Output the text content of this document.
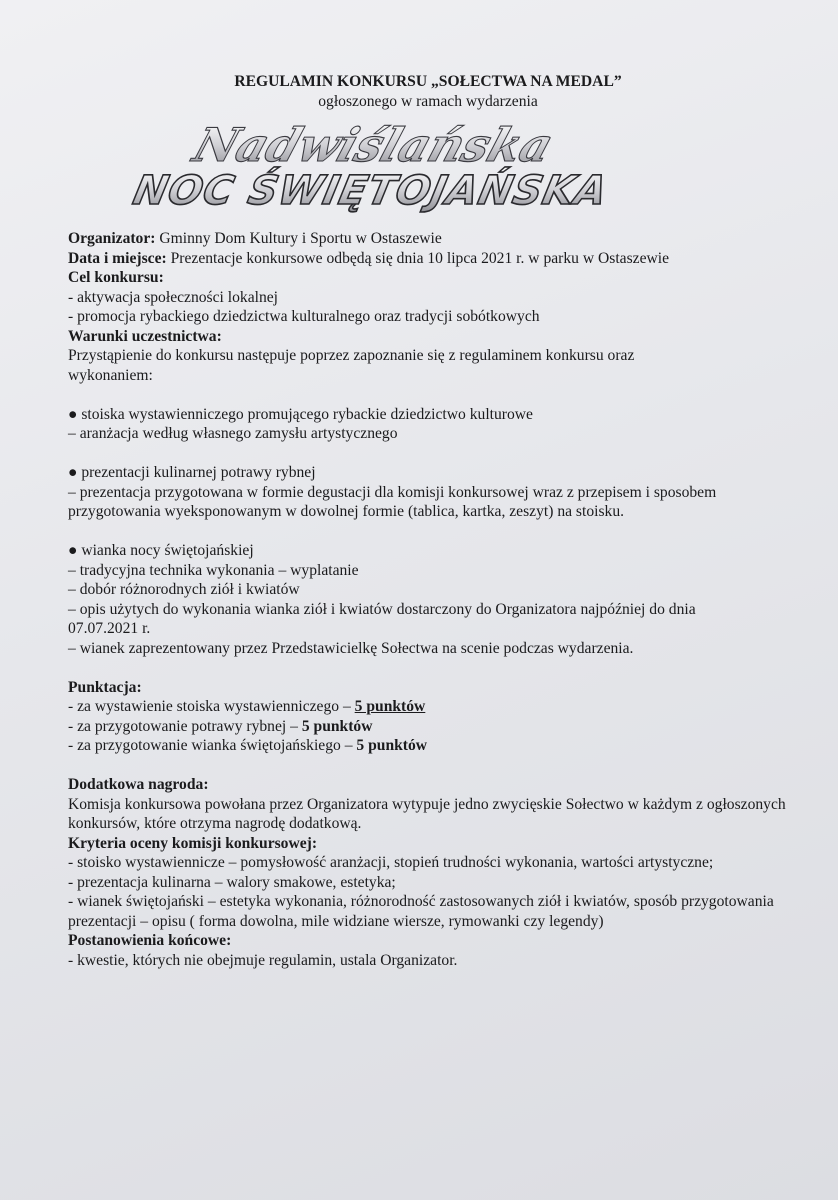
REGULAMIN KONKURSU „SOŁECTWA NA MEDAL”
ogłoszonego w ramach wydarzenia
Nadwiślańska
NOC ŚWIĘTOJAŃSKA
Organizator: Gminny Dom Kultury i Sportu w Ostaszewie
Data i miejsce: Prezentacje konkursowe odbędą się dnia 10 lipca 2021 r. w parku w Ostaszewie
Cel konkursu:
- aktywacja społeczności lokalnej
- promocja rybackiego dziedzictwa kulturalnego oraz tradycji sobótkowych
Warunki uczestnictwa:
Przystąpienie do konkursu następuje poprzez zapoznanie się z regulaminem konkursu oraz wykonaniem:
● stoiska wystawienniczego promującego rybackie dziedzictwo kulturowe
– aranżacja według własnego zamysłu artystycznego
● prezentacji kulinarnej potrawy rybnej
– prezentacja przygotowana w formie degustacji dla komisji konkursowej wraz z przepisem i sposobem przygotowania wyeksponowanym w dowolnej formie (tablica, kartka, zeszyt) na stoisku.
● wianka nocy świętojańskiej
– tradycyjna technika wykonania – wyplatanie
– dobór różnorodnych ziół i kwiatów
– opis użytych do wykonania wianka ziół i kwiatów dostarczony do Organizatora najpóźniej do dnia 07.07.2021 r.
– wianek zaprezentowany przez Przedstawicielkę Sołectwa na scenie podczas wydarzenia.
Punktacja:
- za wystawienie stoiska wystawienniczego – 5 punktów
- za przygotowanie potrawy rybnej – 5 punktów
- za przygotowanie wianka świętojańskiego – 5 punktów
Dodatkowa nagroda:
Komisja konkursowa powołana przez Organizatora wytypuje jedno zwycięskie Sołectwo w każdym z ogłoszonych konkursów, które otrzyma nagrodę dodatkową.
Kryteria oceny komisji konkursowej:
- stoisko wystawiennicze – pomysłowość aranżacji, stopień trudności wykonania, wartości artystyczne;
- prezentacja kulinarna – walory smakowe, estetyka;
- wianek świętojański – estetyka wykonania, różnorodność zastosowanych ziół i kwiatów, sposób przygotowania prezentacji – opisu ( forma dowolna, mile widziane wiersze, rymowanki czy legendy)
Postanowienia końcowe:
- kwestie, których nie obejmuje regulamin, ustala Organizator.
